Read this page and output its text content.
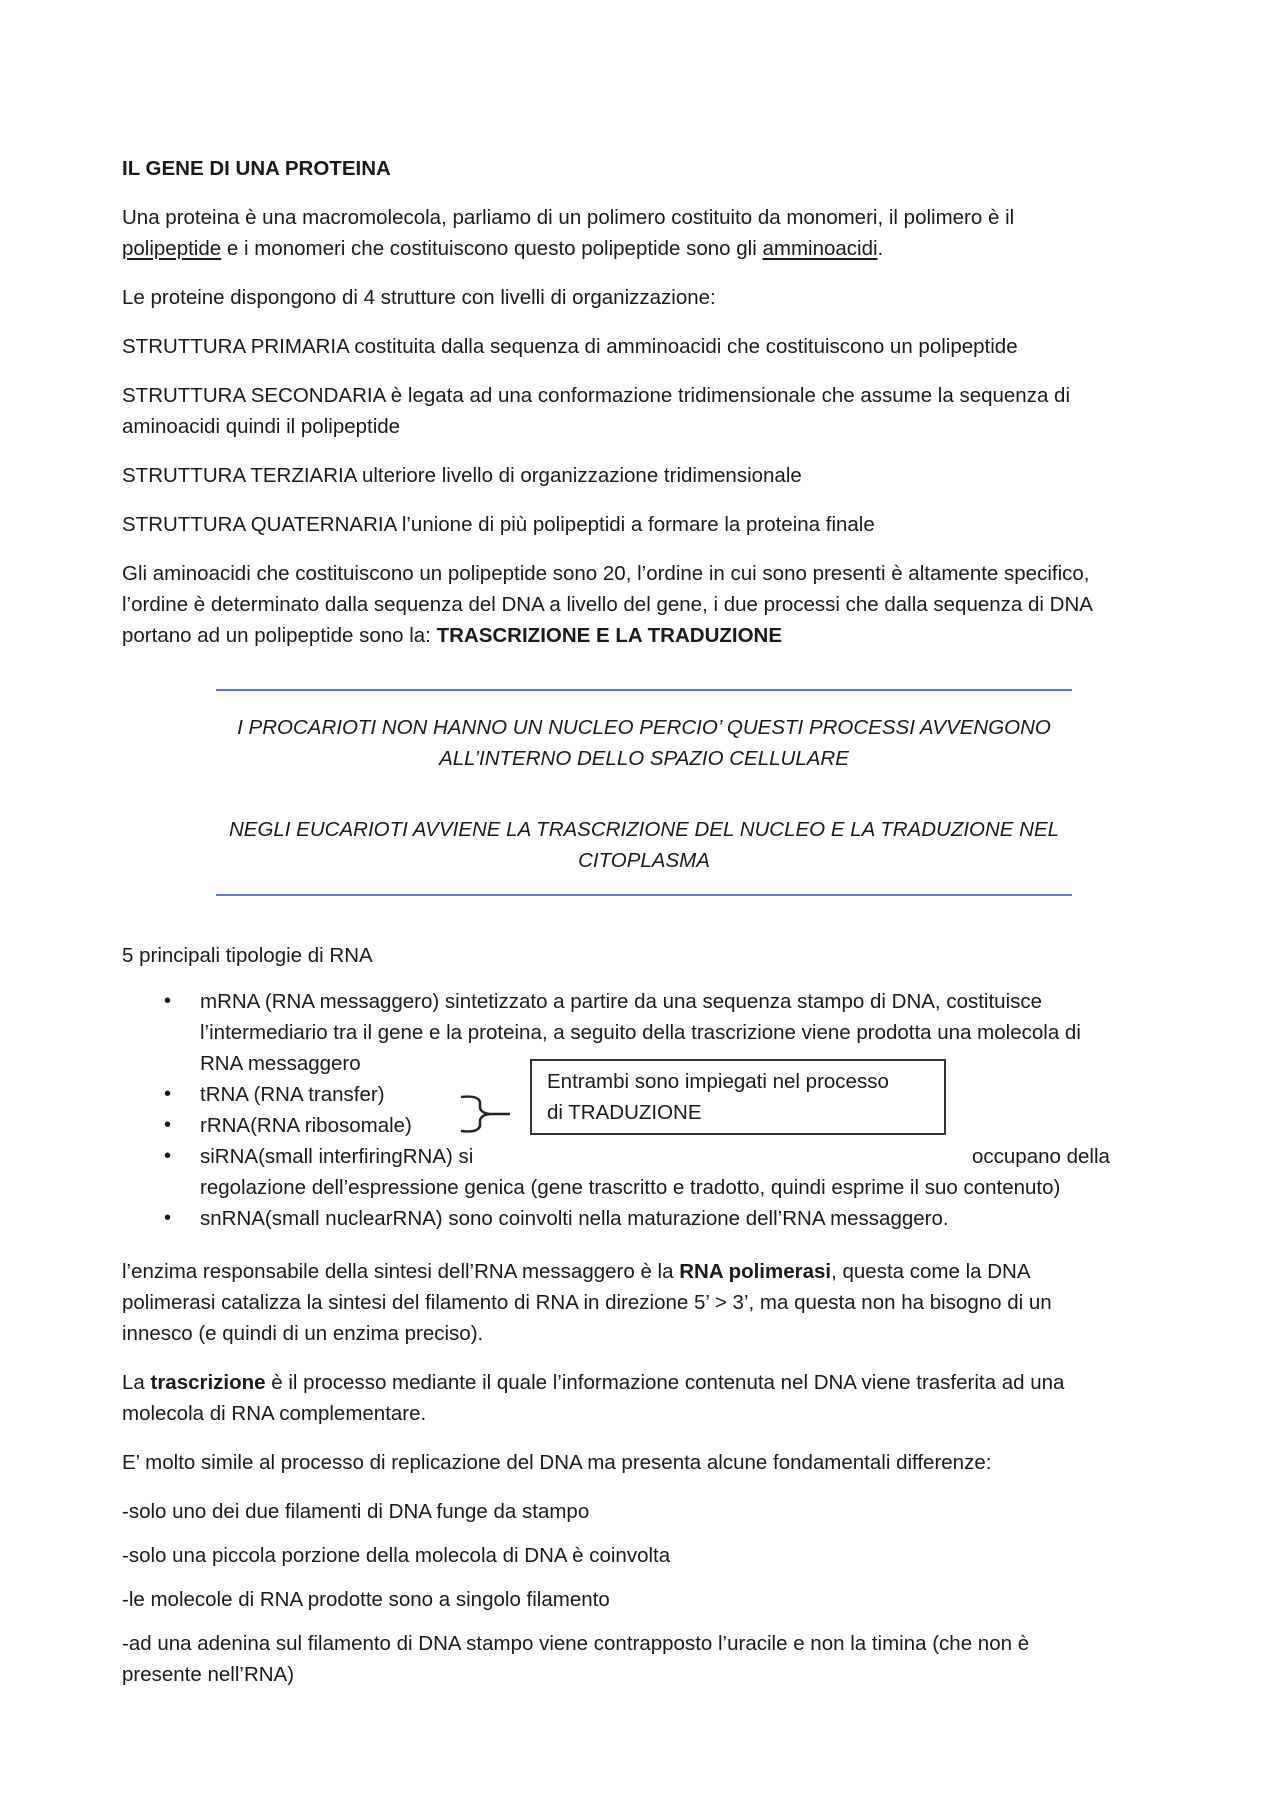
IL GENE DI UNA PROTEINA
Una proteina è una macromolecola, parliamo di un polimero costituito da monomeri, il polimero è il
polipeptide e i monomeri che costituiscono questo polipeptide sono gli amminoacidi.
Le proteine dispongono di 4 strutture con livelli di organizzazione:
STRUTTURA PRIMARIA costituita dalla sequenza di amminoacidi che costituiscono un polipeptide
STRUTTURA SECONDARIA è legata ad una conformazione tridimensionale che assume la sequenza di
aminoacidi quindi il polipeptide
STRUTTURA TERZIARIA ulteriore livello di organizzazione tridimensionale
STRUTTURA QUATERNARIA l’unione di più polipeptidi a formare la proteina finale
Gli aminoacidi che costituiscono un polipeptide sono 20, l’ordine in cui sono presenti è altamente specifico,
l’ordine è determinato dalla sequenza del DNA a livello del gene, i due processi che dalla sequenza di DNA
portano ad un polipeptide sono la: TRASCRIZIONE E LA TRADUZIONE
I PROCARIOTI NON HANNO UN NUCLEO PERCIO’ QUESTI PROCESSI AVVENGONO
ALL’INTERNO DELLO SPAZIO CELLULARE
NEGLI EUCARIOTI AVVIENE LA TRASCRIZIONE DEL NUCLEO E LA TRADUZIONE NEL
CITOPLASMA
5 principali tipologie di RNA
• mRNA (RNA messaggero) sintetizzato a partire da una sequenza stampo di DNA, costituisce
l’intermediario tra il gene e la proteina, a seguito della trascrizione viene prodotta una molecola di
RNA messaggero
• tRNA (RNA transfer)
• rRNA(RNA ribosomale)
• siRNA(small interfiringRNA) si	occupano della
regolazione dell’espressione genica (gene trascritto e tradotto, quindi esprime il suo contenuto)
• snRNA(small nuclearRNA) sono coinvolti nella maturazione dell’RNA messaggero.
Entrambi sono impiegati nel processo
di TRADUZIONE
l’enzima responsabile della sintesi dell’RNA messaggero è la RNA polimerasi, questa come la DNA
polimerasi catalizza la sintesi del filamento di RNA in direzione 5’ > 3’, ma questa non ha bisogno di un
innesco (e quindi di un enzima preciso).
La trascrizione è il processo mediante il quale l’informazione contenuta nel DNA viene trasferita ad una
molecola di RNA complementare.
E’ molto simile al processo di replicazione del DNA ma presenta alcune fondamentali differenze:
-solo uno dei due filamenti di DNA funge da stampo
-solo una piccola porzione della molecola di DNA è coinvolta
-le molecole di RNA prodotte sono a singolo filamento
-ad una adenina sul filamento di DNA stampo viene contrapposto l’uracile e non la timina (che non è
presente nell’RNA)
